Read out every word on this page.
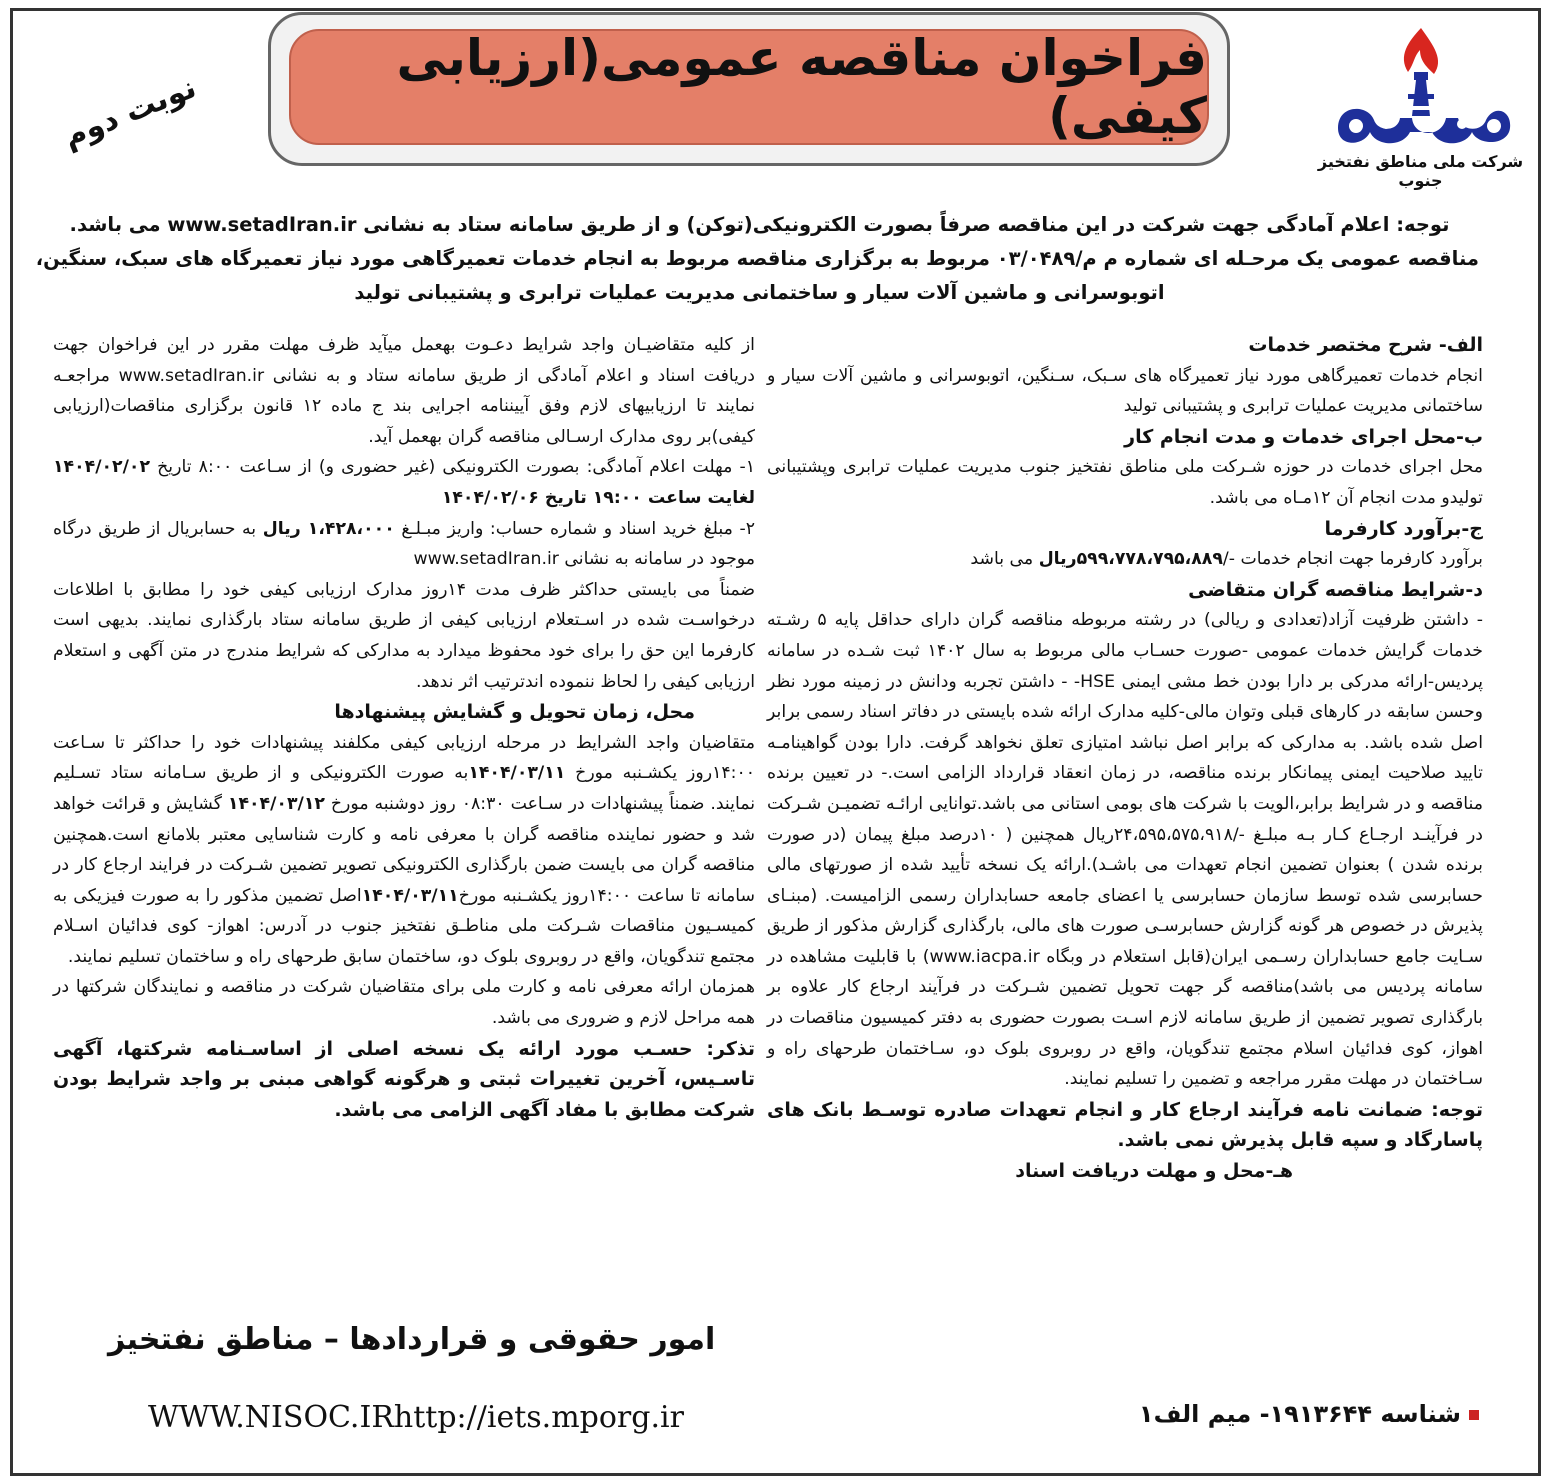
شرکت ملی مناطق نفتخیز جنوب
فراخوان مناقصه عمومی(ارزیابی کیفی)
نوبت دوم

توجه: اعلام آمادگی جهت شرکت در این مناقصه صرفاً بصورت الکترونیکی(توکن) و از طریق سامانه ستاد به نشانی www.setadIran.ir می باشد.

مناقصه عمومی یک مرحـله ای شماره م م/۰۳/۰۴۸۹ مربوط به برگزاری مناقصه مربوط به انجام خدمات تعمیرگاهی مورد نیاز تعمیرگاه های سبک، سنگین،

اتوبوسرانی و ماشین آلات سیار و ساختمانی مدیریت عملیات ترابری و پشتیبانی تولید

الف- شرح مختصر خدمات

انجام خدمات تعمیرگاهی مورد نیاز تعمیرگاه های سـبک، سـنگین، اتوبوسرانی و ماشین آلات سیار و ساختمانی مدیریت عملیات ترابری و پشتیبانی تولید

ب-محل اجرای خدمات و مدت انجام کار

محل اجرای خدمات در حوزه شـرکت ملی مناطق نفتخیز جنوب مدیریت عملیات ترابری وپشتیبانی تولیدو مدت انجام آن ۱۲مـاه می باشد.

ج-برآورد کارفرما

برآورد کارفرما جهت انجام خدمات -/۵۹۹،۷۷۸،۷۹۵،۸۸۹ریال می باشد

د-شرایط مناقصه گران متقاضی

- داشتن ظرفیت آزاد(تعدادی و ریالی) در رشته مربوطه مناقصه گران دارای حداقل پایه ۵ رشـته خدمات گرایش خدمات عمومی -صورت حسـاب مالی مربوط به سال ۱۴۰۲ ثبت شـده در سامانه پردیس-ارائه مدرکی بر دارا بودن خط مشی ایمنی HSE- - داشتن تجربه ودانش در زمینه مورد نظر وحسن سابقه در کارهای قبلی وتوان مالی-کلیه مدارک ارائه شده بایستی در دفاتر اسناد رسمی برابر اصل شده باشد. به مدارکی که برابر اصل نباشد امتیازی تعلق نخواهد گرفت. دارا بودن گواهینامـه تایید صلاحیت ایمنی پیمانکار برنده مناقصه، در زمان انعقاد قرارداد الزامی است.- در تعیین برنده مناقصه و در شرایط برابر،الویت با شرکت های بومی استانی می باشد.توانایی ارائـه تضمیـن شـرکت در فرآینـد ارجـاع کـار بـه مبلـغ -/۲۴،۵۹۵،۵۷۵،۹۱۸ریال همچنین ( ۱۰درصد مبلغ پیمان (در صورت برنده شدن ) بعنوان تضمین انجام تعهدات می باشـد).ارائه یک نسخه تأیید شده از صورتهای مالی حسابرسی شده توسط سازمان حسابرسی یا اعضای جامعه حسابداران رسمی الزامیست. (مبنـای پذیرش در خصوص هر گونه گزارش حسابرسـی صورت های مالی، بارگذاری گزارش مذکور از طریق سـایت جامع حسابداران رسـمی ایران(قابل استعلام در وبگاه www.iacpa.ir) با قابلیت مشاهده در سامانه پردیس می باشد)مناقصه گر جهت تحویل تضمین شـرکت در فرآیند ارجاع کار علاوه بر بارگذاری تصویر تضمین از طریق سامانه لازم اسـت بصورت حضوری به دفتر کمیسیون مناقصات در اهواز، کوی فدائیان اسلام مجتمع تندگویان، واقع در روبروی بلوک دو، سـاختمان طرحهای راه و سـاختمان در مهلت مقرر مراجعه و تضمین را تسلیم نمایند.

توجه: ضمانت نامه فرآیند ارجاع کار و انجام تعهدات صادره توسـط بانک های پاسارگاد و سپه قابل پذیرش نمی باشد.

هـ-محل و مهلت دریافت اسناد

از کلیه متقاضیـان واجد شرایط دعـوت بهعمل میآید ظرف مهلت مقرر در این فراخوان جهت دریافت اسناد و اعلام آمادگی از طریق سامانه ستاد و به نشانی www.setadIran.ir مراجعـه نمایند تا ارزیابیهای لازم وفق آییننامه اجرایی بند ج ماده ۱۲ قانون برگزاری مناقصات(ارزیابی کیفی)بر روی مدارک ارسـالی مناقصه گران بهعمل آید.

۱- مهلت اعلام آمادگی: بصورت الکترونیکی (غیر حضوری و) از سـاعت ۸:۰۰ تاریخ ۱۴۰۴/۰۲/۰۲ لغایت ساعت ۱۹:۰۰ تاریخ ۱۴۰۴/۰۲/۰۶

۲- مبلغ خرید اسناد و شماره حساب: واریز مبـلـغ ۱،۴۲۸،۰۰۰ ریال به حسابریال از طریق درگاه موجود در سامانه به نشانی www.setadIran.ir

ضمناً می بایستی حداکثر ظرف مدت ۱۴روز مدارک ارزیابی کیفی خود را مطابق با اطلاعات درخواسـت شده در اسـتعلام ارزیابی کیفی از طریق سامانه ستاد بارگذاری نمایند. بدیهی است کارفرما این حق را برای خود محفوظ میدارد به مدارکی که شرایط مندرج در متن آگهی و استعلام ارزیابی کیفی را لحاظ ننموده اندترتیب اثر ندهد.

محل، زمان تحویل و گشایش پیشنهادها

متقاضیان واجد الشرایط در مرحله ارزیابی کیفی مکلفند پیشنهادات خود را حداکثر تا سـاعت ۱۴:۰۰روز یکشـنبه مورخ ۱۴۰۴/۰۳/۱۱به صورت الکترونیکی و از طریق سـامانه ستاد تسـلیم نمایند. ضمناً پیشنهادات در سـاعت ۰۸:۳۰ روز دوشنبه مورخ ۱۴۰۴/۰۳/۱۲ گشایش و قرائت خواهد شد و حضور نماینده مناقصه گران با معرفی نامه و کارت شناسایی معتبر بلامانع است.همچنین مناقصه گران می بایست ضمن بارگذاری الکترونیکی تصویر تضمین شـرکت در فرایند ارجاع کار در سامانه تا ساعت ۱۴:۰۰روز یکشـنبه مورخ۱۴۰۴/۰۳/۱۱اصل تضمین مذکور را به صورت فیزیکی به کمیسـیون مناقصات شـرکت ملی مناطـق نفتخیز جنوب در آدرس: اهواز- کوی فدائیان اسـلام مجتمع تندگویان، واقع در روبروی بلوک دو، ساختمان سابق طرحهای راه و ساختمان تسلیم نمایند.

همزمان ارائه معرفی نامه و کارت ملی برای متقاضیان شرکت در مناقصه و نمایندگان شرکتها در همه مراحل لازم و ضروری می باشد.

تذکر: حسـب مورد ارائه یک نسخه اصلی از اساسـنامه شرکتها، آگهی تاسـیس، آخرین تغییرات ثبتی و هرگونه گواهی مبنی بر واجد شرایط بودن شرکت مطابق با مفاد آگهی الزامی می باشد.

امور حقوقی و قراردادها – مناطق نفتخیز
WWW.NISOC.IRhttp://iets.mporg.ir	شناسه ۱۹۱۳۶۴۴- میم الف۱
